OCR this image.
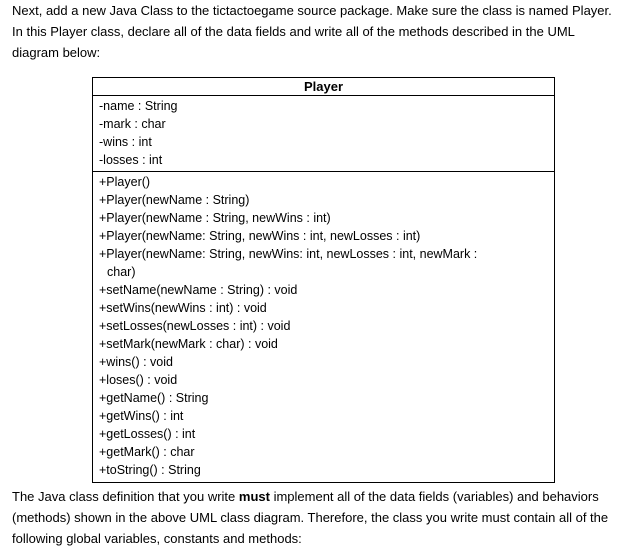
Next, add a new Java Class to the tictactoegame source package. Make sure the class is named Player.
In this Player class, declare all of the data fields and write all of the methods described in the UML
diagram below:
Player
-name : String
-mark : char
-wins : int
-losses : int
+Player()
+Player(newName : String)
+Player(newName : String, newWins : int)
+Player(newName: String, newWins : int, newLosses : int)
+Player(newName: String, newWins: int, newLosses : int, newMark :
char)
+setName(newName : String) : void
+setWins(newWins : int) : void
+setLosses(newLosses : int) : void
+setMark(newMark : char) : void
+wins() : void
+loses() : void
+getName() : String
+getWins() : int
+getLosses() : int
+getMark() : char
+toString() : String
The Java class definition that you write must implement all of the data fields (variables) and behaviors
(methods) shown in the above UML class diagram. Therefore, the class you write must contain all of the
following global variables, constants and methods:
